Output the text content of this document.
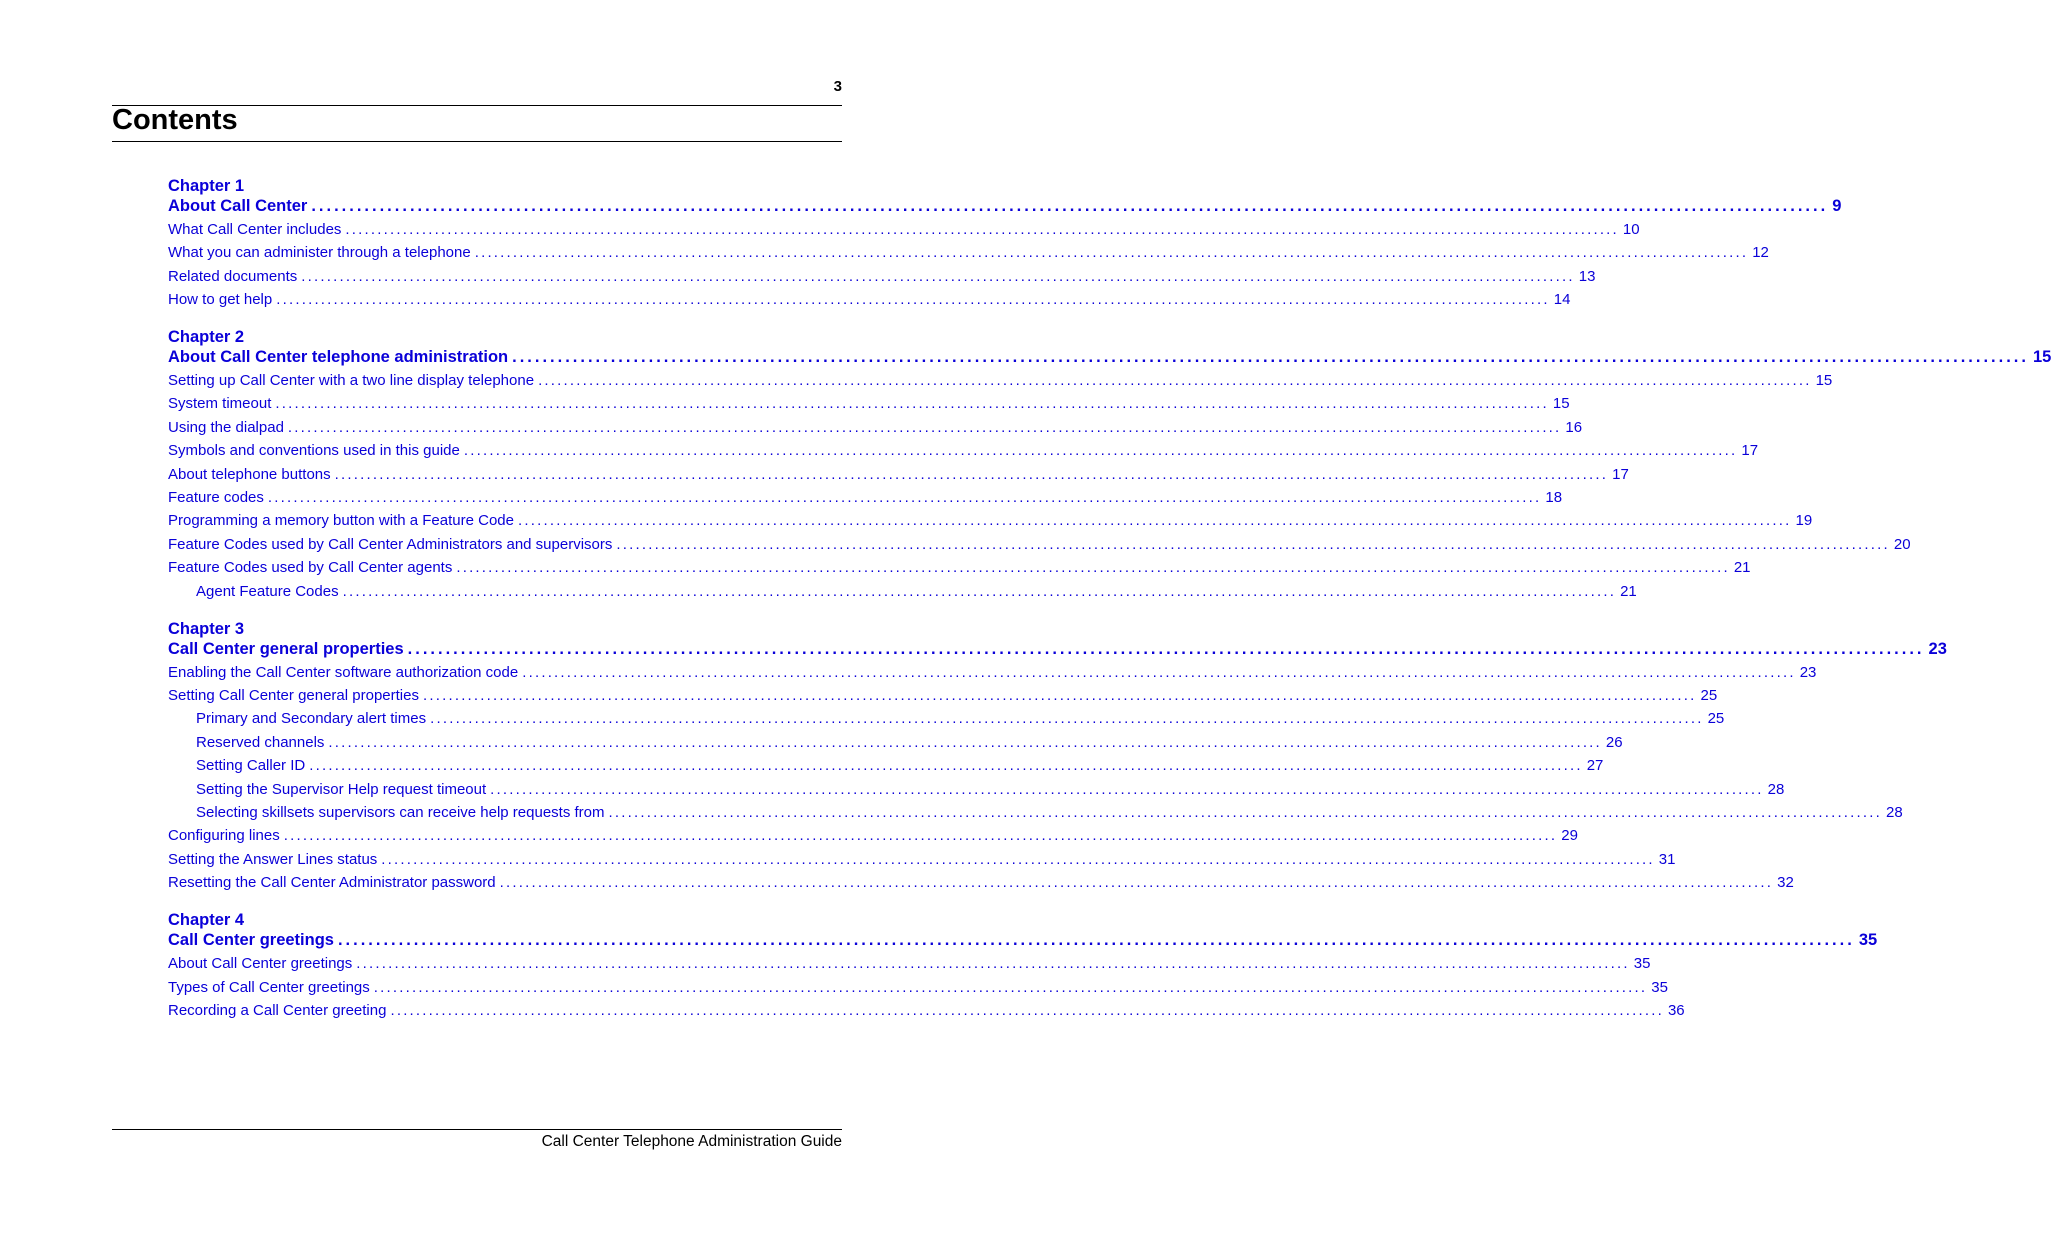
3
Contents
Chapter 1
About Call Center ........................................................................................................................................................................................................ 9
What Call Center includes ........................................................................................................................................................................................................ 10
What you can administer through a telephone ........................................................................................................................................................................................................ 12
Related documents ........................................................................................................................................................................................................ 13
How to get help ........................................................................................................................................................................................................ 14
Chapter 2
About Call Center telephone administration ........................................................................................................................................................................................................ 15
Setting up Call Center with a two line display telephone ........................................................................................................................................................................................................ 15
System timeout ........................................................................................................................................................................................................ 15
Using the dialpad ........................................................................................................................................................................................................ 16
Symbols and conventions used in this guide ........................................................................................................................................................................................................ 17
About telephone buttons ........................................................................................................................................................................................................ 17
Feature codes ........................................................................................................................................................................................................ 18
Programming a memory button with a Feature Code ........................................................................................................................................................................................................ 19
Feature Codes used by Call Center Administrators and supervisors ........................................................................................................................................................................................................ 20
Feature Codes used by Call Center agents ........................................................................................................................................................................................................ 21
Agent Feature Codes ........................................................................................................................................................................................................ 21
Chapter 3
Call Center general properties ........................................................................................................................................................................................................ 23
Enabling the Call Center software authorization code ........................................................................................................................................................................................................ 23
Setting Call Center general properties ........................................................................................................................................................................................................ 25
Primary and Secondary alert times ........................................................................................................................................................................................................ 25
Reserved channels ........................................................................................................................................................................................................ 26
Setting Caller ID ........................................................................................................................................................................................................ 27
Setting the Supervisor Help request timeout ........................................................................................................................................................................................................ 28
Selecting skillsets supervisors can receive help requests from ........................................................................................................................................................................................................ 28
Configuring lines ........................................................................................................................................................................................................ 29
Setting the Answer Lines status ........................................................................................................................................................................................................ 31
Resetting the Call Center Administrator password ........................................................................................................................................................................................................ 32
Chapter 4
Call Center greetings ........................................................................................................................................................................................................ 35
About Call Center greetings ........................................................................................................................................................................................................ 35
Types of Call Center greetings ........................................................................................................................................................................................................ 35
Recording a Call Center greeting ........................................................................................................................................................................................................ 36
Call Center Telephone Administration Guide
